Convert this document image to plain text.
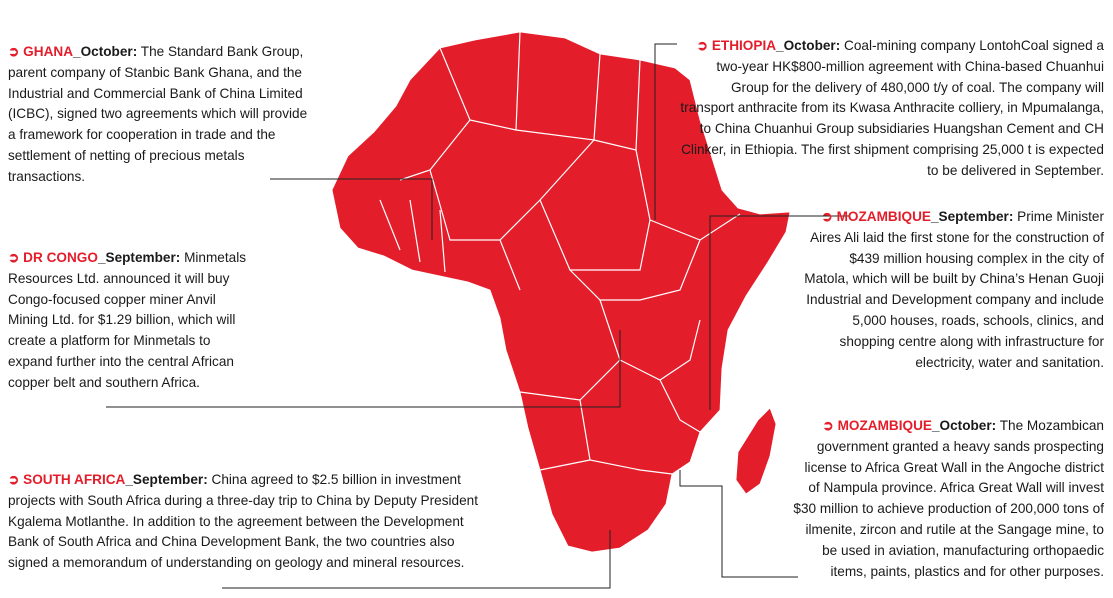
➲ GHANA_October: The Standard Bank Group, parent company of Stanbic Bank Ghana, and the Industrial and Commercial Bank of China Limited (ICBC), signed two agreements which will provide a framework for cooperation in trade and the settlement of netting of precious metals transactions.
➲ DR CONGO_September: Minmetals Resources Ltd. announced it will buy Congo-focused copper miner Anvil Mining Ltd. for $1.29 billion, which will create a platform for Minmetals to expand further into the central African copper belt and southern Africa.
➲ SOUTH AFRICA_September: China agreed to $2.5 billion in investment projects with South Africa during a three-day trip to China by Deputy President Kgalema Motlanthe. In addition to the agreement between the Development Bank of South Africa and China Development Bank, the two countries also signed a memorandum of understanding on geology and mineral resources.
➲ ETHIOPIA_October: Coal-mining company LontohCoal signed a two-year HK$800-million agreement with China-based Chuanhui Group for the delivery of 480,000 t/y of coal. The company will transport anthracite from its Kwasa Anthracite colliery, in Mpumalanga, to China Chuanhui Group subsidiaries Huangshan Cement and CH Clinker, in Ethiopia. The first shipment comprising 25,000 t is expected to be delivered in September.
➲ MOZAMBIQUE_September: Prime Minister Aires Ali laid the first stone for the construction of $439 million housing complex in the city of Matola, which will be built by China’s Henan Guoji Industrial and Development company and include 5,000 houses, roads, schools, clinics, and shopping centre along with infrastructure for electricity, water and sanitation.
➲ MOZAMBIQUE_October: The Mozambican government granted a heavy sands prospecting license to Africa Great Wall in the Angoche district of Nampula province. Africa Great Wall will invest $30 million to achieve production of 200,000 tons of ilmenite, zircon and rutile at the Sangage mine, to be used in aviation, manufacturing orthopaedic items, paints, plastics and for other purposes.
